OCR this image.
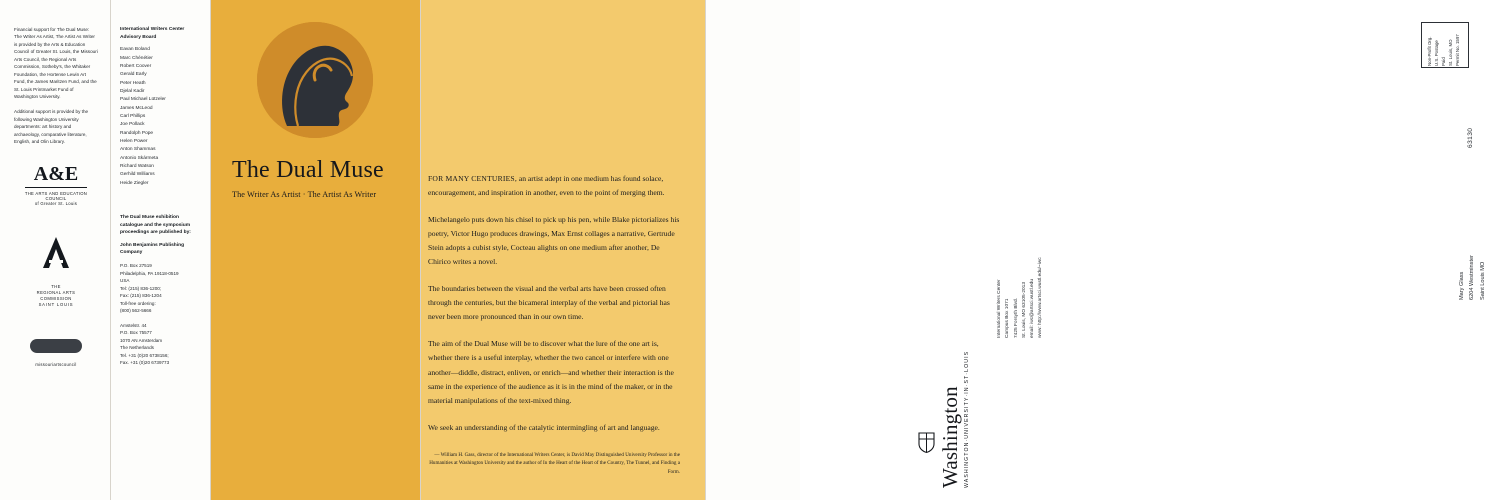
Financial support for The Dual Muse: The Writer As Artist, The Artist As Writer is provided by the Arts & Education Council of Greater St. Louis, the Missouri Arts Council, the Regional Arts Commission, Sotheby's, the Whitaker Foundation, the Hortense Lewin Art Fund, the James Maritzen Fund, and the St. Louis Printmarket Fund of Washington University.

Additional support is provided by the following Washington University departments: art history and archaeology, comparative literature, English, and Olin Library.

A&E
THE ARTS AND EDUCATION COUNCIL
of Greater St. Louis
THE
REGIONAL ARTS
COMMISSION
SAINT LOUIS
missouriartscouncil
International Writers Center
Advisory Board
Eavan Boland
Marc Chénétier
Robert Coover
Gerald Early
Peter Heath
Djelal Kadir
Paul Michael Lützeler
James McLeod
Carl Phillips
Joe Pollack
Randolph Pope
Helen Power
Anton Shammas
Antonio Skármeta
Richard Watson
Gerhild Williams
Heide Ziegler
The Dual Muse exhibition catalogue and the symposium proceedings are published by:
John Benjamins Publishing Company
P.O. Box 27519
Philadelphia, PA 19118-0519
USA
Tel: (215) 836-1200;
Fax: (215) 836-1204
Toll-free ordering:
(800) 562-5666
Amstelstr. 44
P.O. Box 75577
1070 AN Amsterdam
The Netherlands
Tel. +31 (0)20 6738156;
Fax. +31 (0)20 6739773
The Dual Muse
The Writer As Artist · The Artist As Writer

FOR MANY CENTURIES, an artist adept in one medium has found solace, encouragement, and inspiration in another, even to the point of merging them.

Michelangelo puts down his chisel to pick up his pen, while Blake pictorializes his poetry, Victor Hugo produces drawings, Max Ernst collages a narrative, Gertrude Stein adopts a cubist style, Cocteau alights on one medium after another, De Chirico writes a novel.

The boundaries between the visual and the verbal arts have been crossed often through the centuries, but the bicameral interplay of the verbal and pictorial has never been more pronounced than in our own time.

The aim of the Dual Muse will be to discover what the lure of the one art is, whether there is a useful interplay, whether the two cancel or interfere with one another—diddle, distract, enliven, or enrich—and whether their interaction is the same in the experience of the audience as it is in the mind of the maker, or in the material manipulations of the text-mixed thing.

We seek an understanding of the catalytic intermingling of art and language.

— William H. Gass, director of the International Writers Center, is David May Distinguished University Professor in the Humanities at Washington University and the author of In the Heart of the Heart of the Country, The Tunnel, and Finding a Form.	Washington WASHINGTON·UNIVERSITY·IN·ST·LOUIS
International Writers Center Campus Box 1071 7425 Forsyth Blvd. St. Louis, MO 63105-2013 email: iwc@artsci.wustl.edu www: http://www.artsci.wustl.edu/~iwc
Non-Profit Org. U.S. Postage Paid St. Louis, MO Permit No. 1597
63130
Mary Glass 6204 Westminster Saint Louis MO
